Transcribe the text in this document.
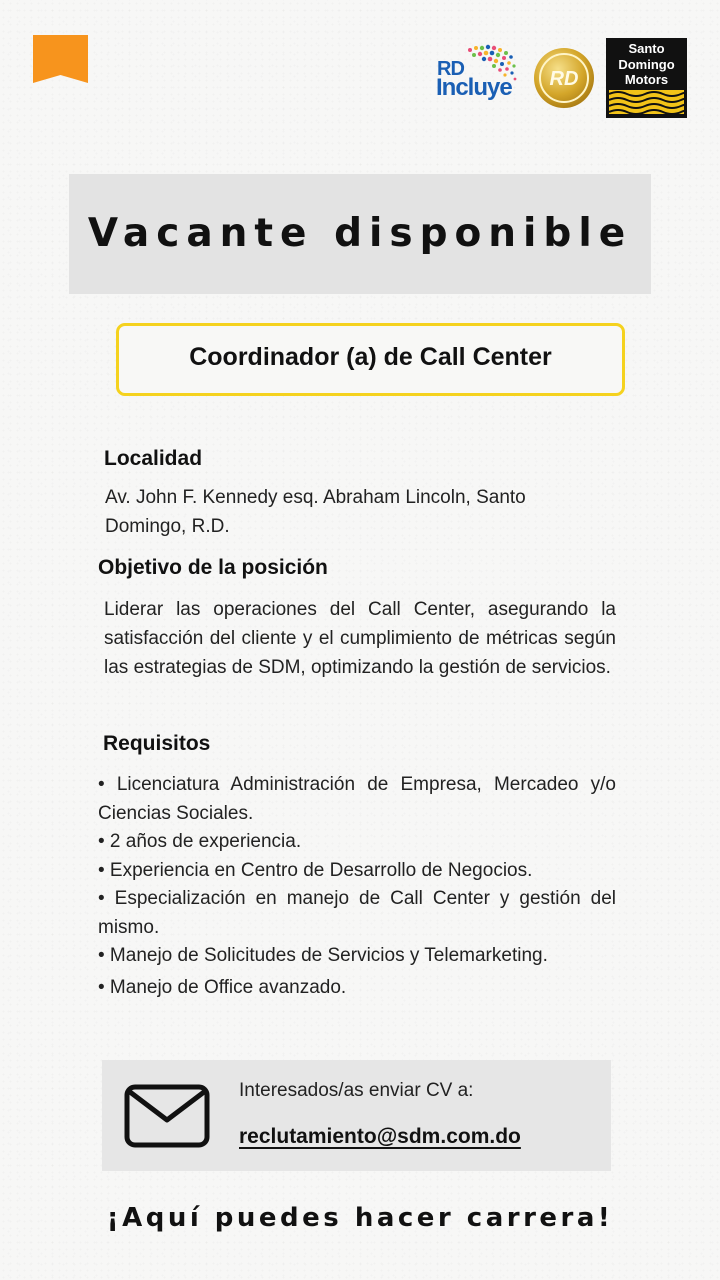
RD
Incluye RD
Santo
Domingo
Motors
Vacante disponible
Coordinador (a) de Call Center
Localidad
Av. John F. Kennedy esq. Abraham Lincoln, Santo Domingo, R.D.
Objetivo de la posición
Liderar las operaciones del Call Center, asegurando la satisfacción del cliente y el cumplimiento de métricas según las estrategias de SDM, optimizando la gestión de servicios.
Requisitos
• Licenciatura Administración de Empresa, Mercadeo y/o Ciencias Sociales.
• 2 años de experiencia.
• Experiencia en Centro de Desarrollo de Negocios.
• Especialización en manejo de Call Center y gestión del mismo.
• Manejo de Solicitudes de Servicios y Telemarketing.
• Manejo de Office avanzado.
Interesados/as enviar CV a:
reclutamiento@sdm.com.do
¡Aquí puedes hacer carrera!
